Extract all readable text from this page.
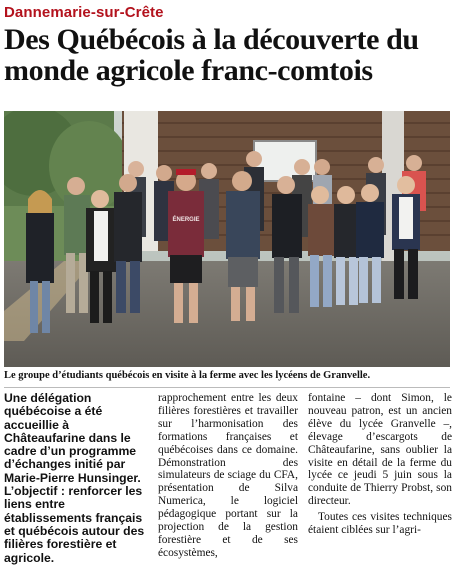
Dannemarie-sur-Crête
Des Québécois à la découverte du monde agricole franc-comtois
ÉNERGIE
Le groupe d’étudiants québécois en visite à la ferme avec les lycéens de Granvelle.

Une délégation québécoise a été accueillie à Châteaufarine dans le cadre d’un programme d’échanges initié par Marie-Pierre Hunsinger. L’objectif : renforcer les liens entre établissements français et québécois autour des filières forestière et agricole.

rapprochement entre les deux filières forestières et travailler sur l’harmonisation des formations françaises et québécoises dans ce domaine. Démonstration des simulateurs de sciage du CFA, présentation de Silva Numerica, le logiciel pédagogique portant sur la projection de la gestion forestière et de ses écosystèmes,

fontaine – dont Simon, le nouveau patron, est un ancien élève du lycée Granvelle –, élevage d’escargots de Châteaufarine, sans oublier la visite en détail de la ferme du lycée ce jeudi 5 juin sous la conduite de Thierry Probst, son directeur.

Toutes ces visites techniques étaient ciblées sur l’agri-
